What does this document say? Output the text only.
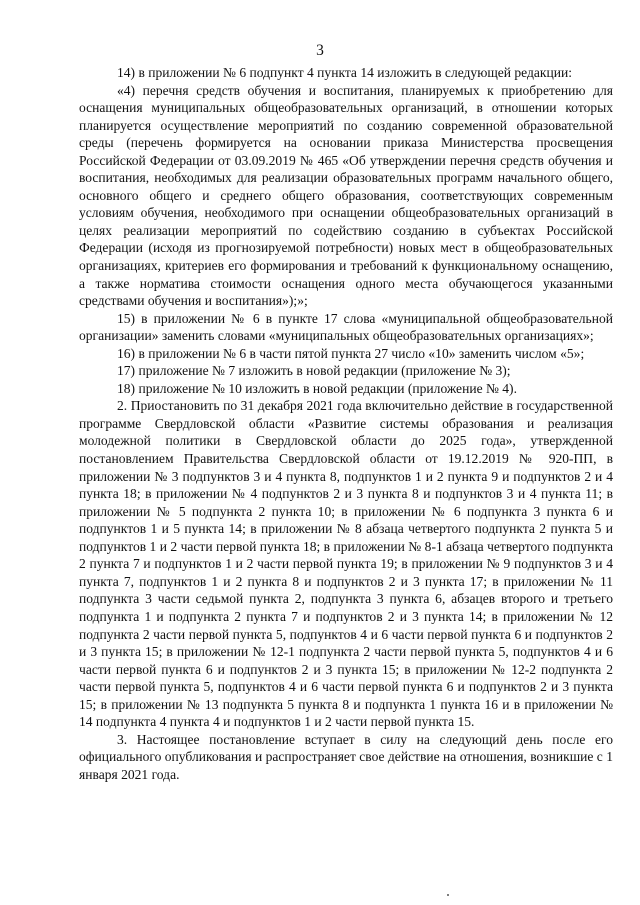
3

14) в приложении № 6 подпункт 4 пункта 14 изложить в следующей редакции:

«4) перечня средств обучения и воспитания, планируемых к приобретению для оснащения муниципальных общеобразовательных организаций, в отношении которых планируется осуществление мероприятий по созданию современной образовательной среды (перечень формируется на основании приказа Министерства просвещения Российской Федерации от 03.09.2019 № 465 «Об утверждении перечня средств обучения и воспитания, необходимых для реализации образовательных программ начального общего, основного общего и среднего общего образования, соответствующих современным условиям обучения, необходимого при оснащении общеобразовательных организаций в целях реализации мероприятий по содействию созданию в субъектах Российской Федерации (исходя из прогнозируемой потребности) новых мест в общеобразовательных организациях, критериев его формирования и требований к функциональному оснащению, а также норматива стоимости оснащения одного места обучающегося указанными средствами обучения и воспитания»);»;

15) в приложении № 6 в пункте 17 слова «муниципальной общеобразовательной организации» заменить словами «муниципальных общеобразовательных организациях»;

16) в приложении № 6 в части пятой пункта 27 число «10» заменить числом «5»;

17) приложение № 7 изложить в новой редакции (приложение № 3);

18) приложение № 10 изложить в новой редакции (приложение № 4).

2. Приостановить по 31 декабря 2021 года включительно действие в государственной программе Свердловской области «Развитие системы образования и реализация молодежной политики в Свердловской области до 2025 года», утвержденной постановлением Правительства Свердловской области от 19.12.2019 № 920-ПП, в приложении № 3 подпунктов 3 и 4 пункта 8, подпунктов 1 и 2 пункта 9 и подпунктов 2 и 4 пункта 18; в приложении № 4 подпунктов 2 и 3 пункта 8 и подпунктов 3 и 4 пункта 11; в приложении № 5 подпункта 2 пункта 10; в приложении № 6 подпункта 3 пункта 6 и подпунктов 1 и 5 пункта 14; в приложении № 8 абзаца четвертого подпункта 2 пункта 5 и подпунктов 1 и 2 части первой пункта 18; в приложении № 8-1 абзаца четвертого подпункта 2 пункта 7 и подпунктов 1 и 2 части первой пункта 19; в приложении № 9 подпунктов 3 и 4 пункта 7, подпунктов 1 и 2 пункта 8 и подпунктов 2 и 3 пункта 17; в приложении № 11 подпункта 3 части седьмой пункта 2, подпункта 3 пункта 6, абзацев второго и третьего подпункта 1 и подпункта 2 пункта 7 и подпунктов 2 и 3 пункта 14; в приложении № 12 подпункта 2 части первой пункта 5, подпунктов 4 и 6 части первой пункта 6 и подпунктов 2 и 3 пункта 15; в приложении № 12-1 подпункта 2 части первой пункта 5, подпунктов 4 и 6 части первой пункта 6 и подпунктов 2 и 3 пункта 15; в приложении № 12-2 подпункта 2 части первой пункта 5, подпунктов 4 и 6 части первой пункта 6 и подпунктов 2 и 3 пункта 15; в приложении № 13 подпункта 5 пункта 8 и подпункта 1 пункта 16 и в приложении № 14 подпункта 4 пункта 4 и подпунктов 1 и 2 части первой пункта 15.

3. Настоящее постановление вступает в силу на следующий день после его официального опубликования и распространяет свое действие на отношения, возникшие с 1 января 2021 года.
